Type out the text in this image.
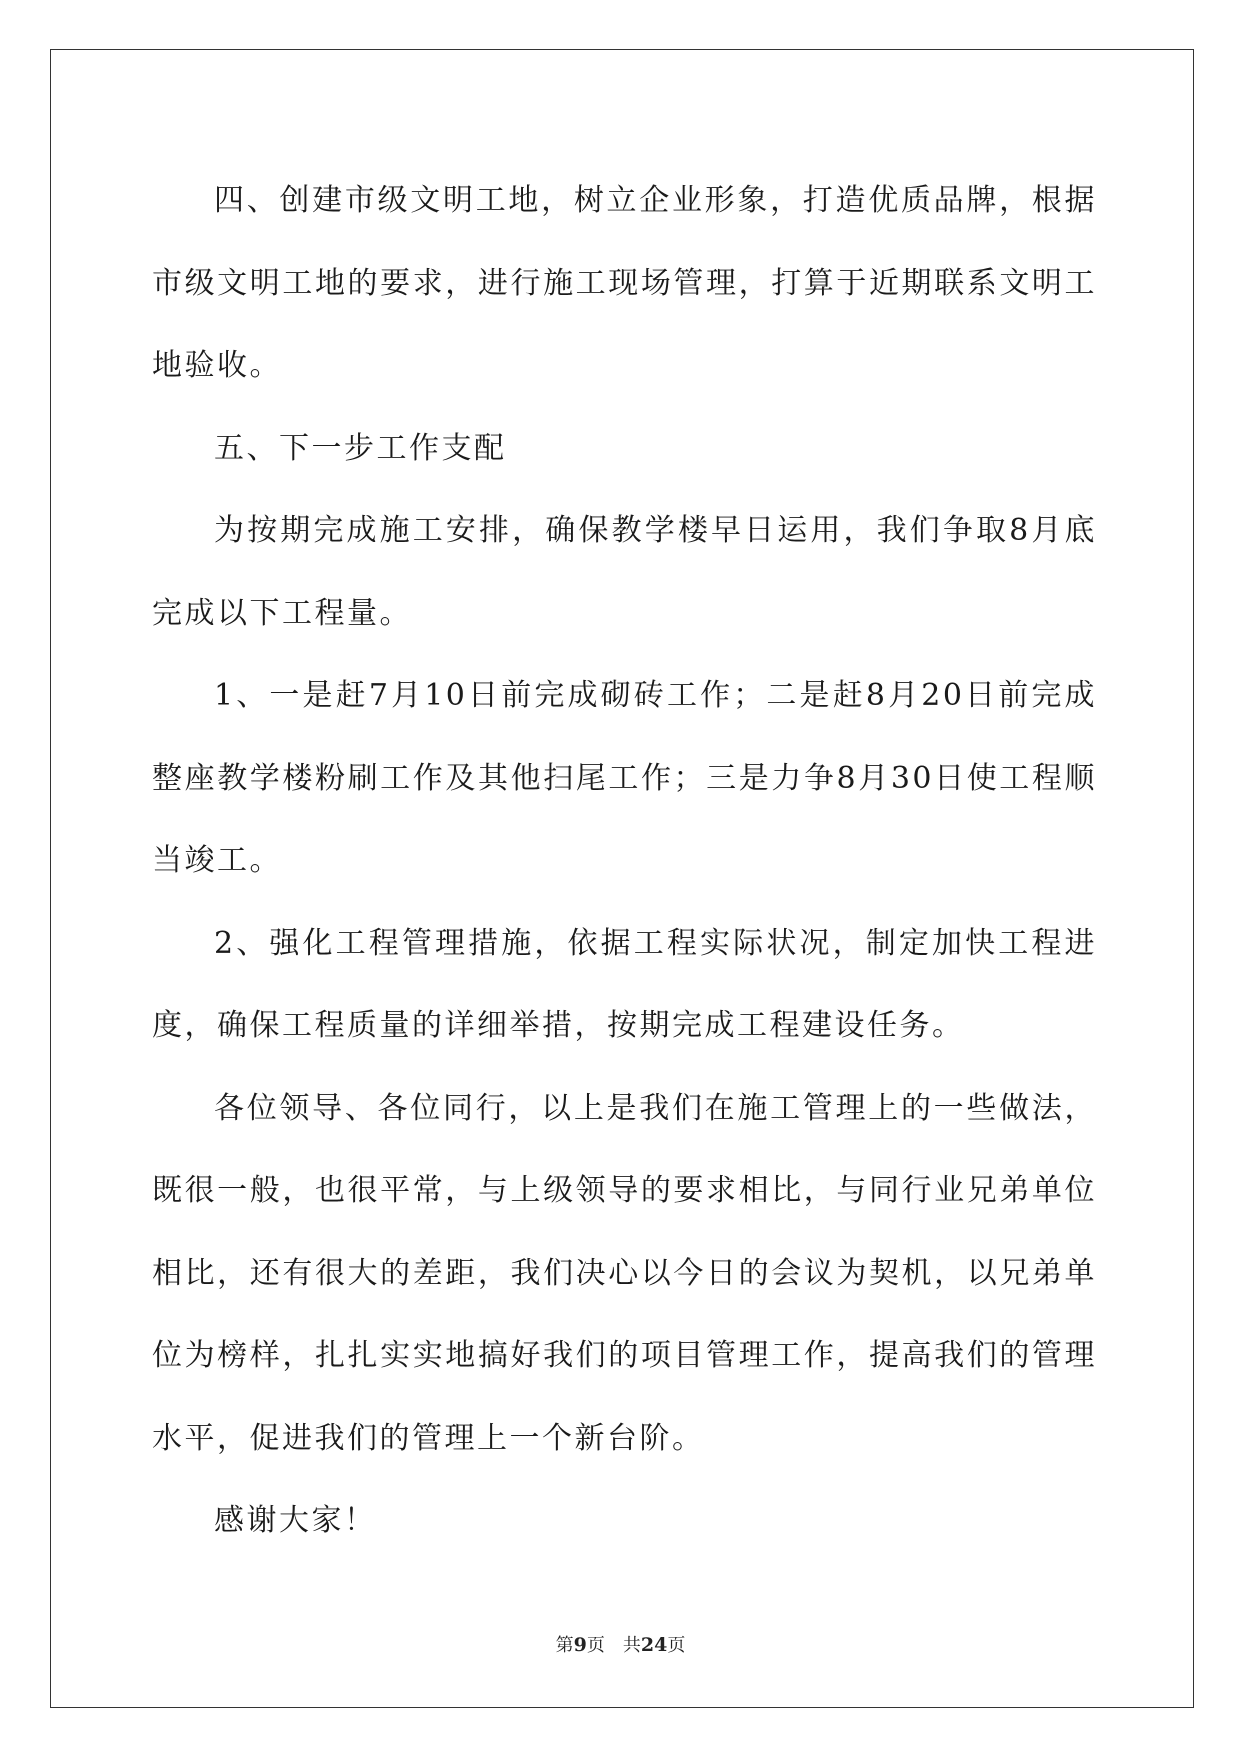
四、创建市级文明工地，树立企业形象，打造优质品牌，根据市级文明工地的要求，进行施工现场管理，打算于近期联系文明工地验收。

五、下一步工作支配

为按期完成施工安排，确保教学楼早日运用，我们争取8月底完成以下工程量。

1、一是赶7月10日前完成砌砖工作；二是赶8月20日前完成整座教学楼粉刷工作及其他扫尾工作；三是力争8月30日使工程顺当竣工。

2、强化工程管理措施，依据工程实际状况，制定加快工程进度，确保工程质量的详细举措，按期完成工程建设任务。

各位领导、各位同行，以上是我们在施工管理上的一些做法，既很一般，也很平常，与上级领导的要求相比，与同行业兄弟单位相比，还有很大的差距，我们决心以今日的会议为契机，以兄弟单位为榜样，扎扎实实地搞好我们的项目管理工作，提高我们的管理水平，促进我们的管理上一个新台阶。

感谢大家！

第9页 共24页
